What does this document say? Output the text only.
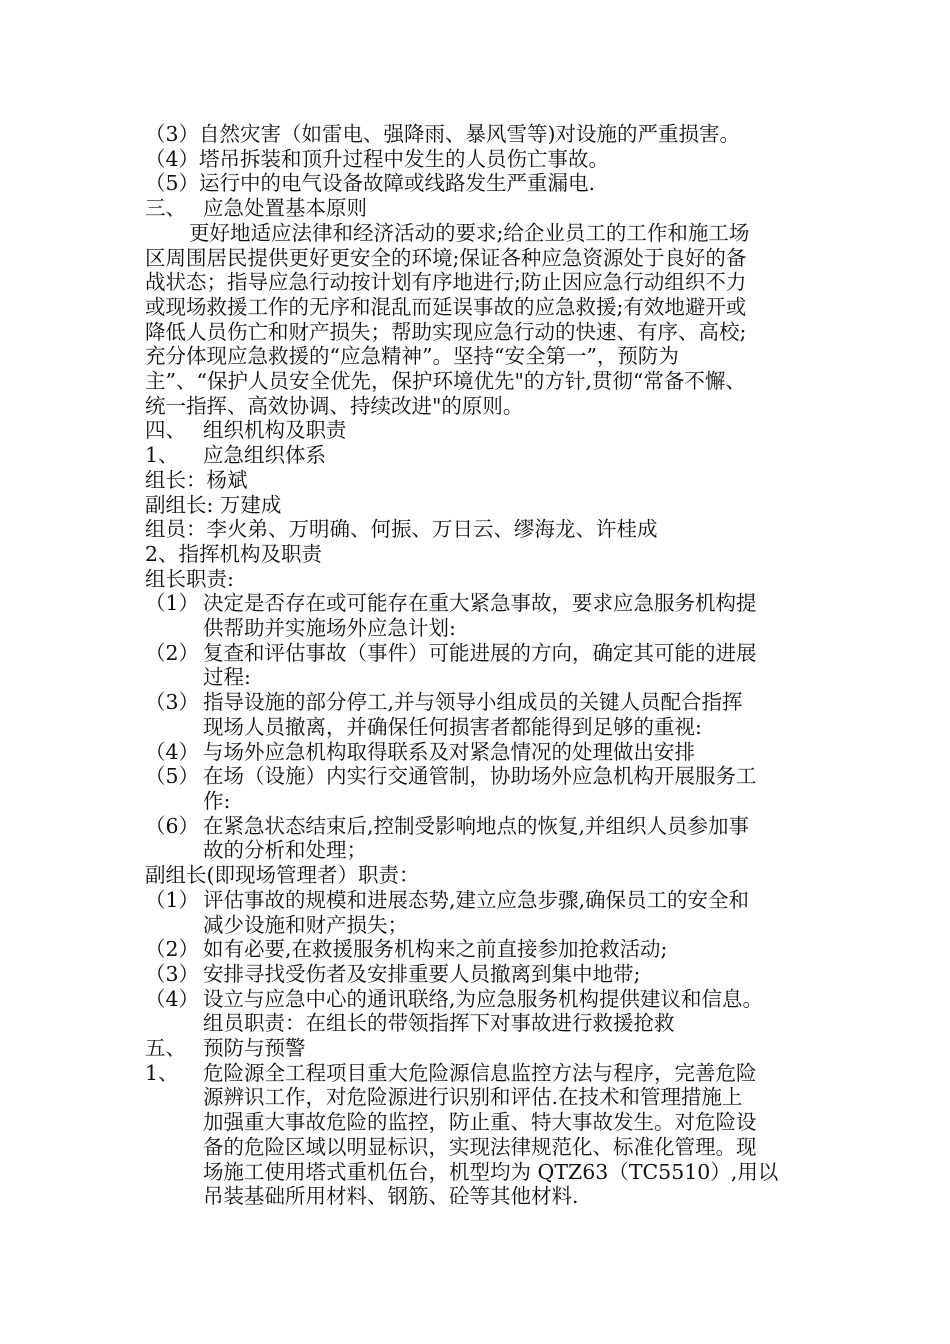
（3）自然灾害（如雷电、强降雨、暴风雪等)对设施的严重损害。
（4）塔吊拆装和顶升过程中发生的人员伤亡事故。
（5）运行中的电气设备故障或线路发生严重漏电.
三、 应急处置基本原则
更好地适应法律和经济活动的要求;给企业员工的工作和施工场
区周围居民提供更好更安全的环境;保证各种应急资源处于良好的备
战状态；指导应急行动按计划有序地进行;防止因应急行动组织不力
或现场救援工作的无序和混乱而延误事故的应急救援;有效地避开或
降低人员伤亡和财产损失；帮助实现应急行动的快速、有序、高校;
充分体现应急救援的“应急精神”。坚持“安全第一”，预防为
主”、“保护人员安全优先，保护环境优先"的方针,贯彻“常备不懈、
统一指挥、高效协调、持续改进"的原则。
四、 组织机构及职责
1、 应急组织体系
组长：杨斌
副组长: 万建成
组员：李火弟、万明确、何振、万日云、缪海龙、许桂成
2、指挥机构及职责
组长职责:
（1） 决定是否存在或可能存在重大紧急事故，要求应急服务机构提
供帮助并实施场外应急计划:
（2） 复查和评估事故（事件）可能进展的方向，确定其可能的进展
过程:
（3） 指导设施的部分停工,并与领导小组成员的关键人员配合指挥
现场人员撤离，并确保任何损害者都能得到足够的重视:
（4） 与场外应急机构取得联系及对紧急情况的处理做出安排
（5） 在场（设施）内实行交通管制，协助场外应急机构开展服务工
作:
（6） 在紧急状态结束后,控制受影响地点的恢复,并组织人员参加事
故的分析和处理；
副组长(即现场管理者）职责：
（1） 评估事故的规模和进展态势,建立应急步骤,确保员工的安全和
减少设施和财产损失；
（2） 如有必要,在救援服务机构来之前直接参加抢救活动;
（3） 安排寻找受伤者及安排重要人员撤离到集中地带;
（4） 设立与应急中心的通讯联络,为应急服务机构提供建议和信息。
组员职责：在组长的带领指挥下对事故进行救援抢救
五、 预防与预警
1、	危险源全工程项目重大危险源信息监控方法与程序，完善危险
源辨识工作，对危险源进行识别和评估.在技术和管理措施上
加强重大事故危险的监控，防止重、特大事故发生。对危险设
备的危险区域以明显标识，实现法律规范化、标准化管理。现
场施工使用塔式重机伍台，机型均为 QTZ63（TC5510）,用以
吊装基础所用材料、钢筋、砼等其他材料.
